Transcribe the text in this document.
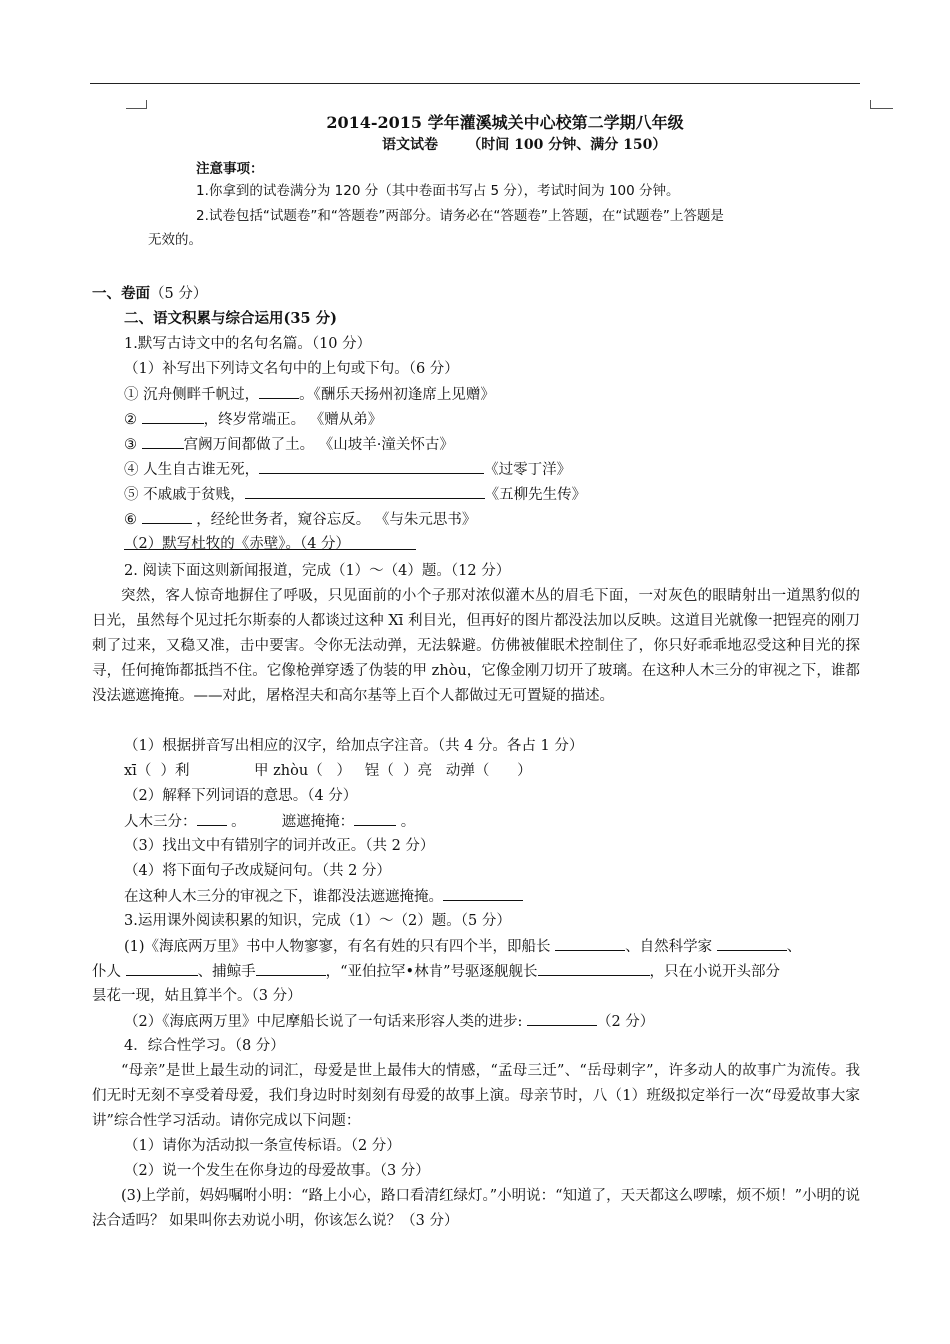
2014-2015 学年灌溪城关中心校第二学期八年级
语文试卷      （时间 100 分钟、满分 150）
注意事项：
1.你拿到的试卷满分为 120 分（其中卷面书写占 5 分），考试时间为 100 分钟。
2.试卷包括“试题卷”和“答题卷”两部分。请务必在“答题卷”上答题，在“试题卷”上答题是
无效的。
一、卷面（5 分）
二、语文积累与综合运用(35 分)
1.默写古诗文中的名句名篇。（10 分）
（1）补写出下列诗文名句中的上句或下句。（6 分）
① 沉舟侧畔千帆过，	。《酬乐天扬州初逢席上见赠》
②	，终岁常端正。 《赠从弟》
③	宫阙万间都做了土。 《山坡羊·潼关怀古》
④ 人生自古谁无死，	《过零丁洋》
⑤ 不戚戚于贫贱，	《五柳先生传》
⑥	，经纶世务者，窥谷忘反。 《与朱元思书》
（2）默写杜牧的《赤壁》。（4 分）
2. 阅读下面这则新闻报道，完成（1）～（4）题。（12 分）
突然，客人惊奇地摒住了呼吸，只见面前的小个子那对浓似灌木丛的眉毛下面，一对灰色的眼睛射出一道黑豹似的日光，虽然每个见过托尔斯泰的人都谈过这种 Xī 利目光，但再好的图片都没法加以反映。这道目光就像一把锃亮的刚刀刺了过来，又稳又准，击中要害。令你无法动弹，无法躲避。仿佛被催眠术控制住了，你只好乖乖地忍受这种目光的探寻，任何掩饰都抵挡不住。它像枪弹穿透了伪装的甲 zhòu，它像金刚刀切开了玻璃。在这种人木三分的审视之下，谁都没法遮遮掩掩。——对此，屠格涅夫和高尔基等上百个人都做过无可置疑的描述。
（1）根据拼音写出相应的汉字，给加点字注音。（共 4 分。各占 1 分）
xī（  ）利              甲 zhòu（   ）   锃（  ）亮   动弹（      ）
（2）解释下列词语的意思。（4 分）
人木三分： 。 遮遮掩掩：	。
（3）找出文中有错别字的词并改正。（共 2 分）
（4）将下面句子改成疑问句。（共 2 分）
在这种人木三分的审视之下，谁都没法遮遮掩掩。
3.运用课外阅读积累的知识，完成（1）～（2）题。（5 分）
(1)《海底两万里》书中人物寥寥，有名有姓的只有四个半，即船长	、自然科学家	、
仆人	、捕鲸手	，“亚伯拉罕•林肯”号驱逐舰舰长	，只在小说开头部分
昙花一现，姑且算半个。（3 分）
（2）《海底两万里》中尼摩船长说了一句话来形容人类的进步:	（2 分）
4．综合性学习。（8 分）
“母亲”是世上最生动的词汇，母爱是世上最伟大的情感，“孟母三迁”、“岳母刺字”，许多动人的故事广为流传。我们无时无刻不享受着母爱，我们身边时时刻刻有母爱的故事上演。母亲节时，八（1）班级拟定举行一次“母爱故事大家讲”综合性学习活动。请你完成以下问题：
（1）请你为活动拟一条宣传标语。（2 分）
（2）说一个发生在你身边的母爱故事。（3 分）
(3)上学前，妈妈嘱咐小明：“路上小心，路口看清红绿灯。”小明说：“知道了，天天都这么啰嗦，烦不烦！”小明的说法合适吗？ 如果叫你去劝说小明，你该怎么说？（3 分）
